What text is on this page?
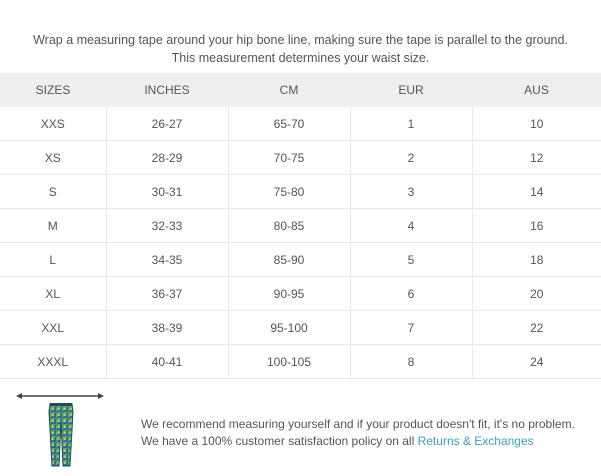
Wrap a measuring tape around your hip bone line, making sure the tape is parallel to the ground. This measurement determines your waist size.

SIZES	INCHES	CM	EUR	AUS
XXS	26-27	65-70	1	10
XS	28-29	70-75	2	12
S	30-31	75-80	3	14
M	32-33	80-85	4	16
L	34-35	85-90	5	18
XL	36-37	90-95	6	20
XXL	38-39	95-100	7	22
XXXL	40-41	100-105	8	24
We recommend measuring yourself and if your product doesn't fit, it's no problem.
We have a 100% customer satisfaction policy on all Returns & Exchanges
